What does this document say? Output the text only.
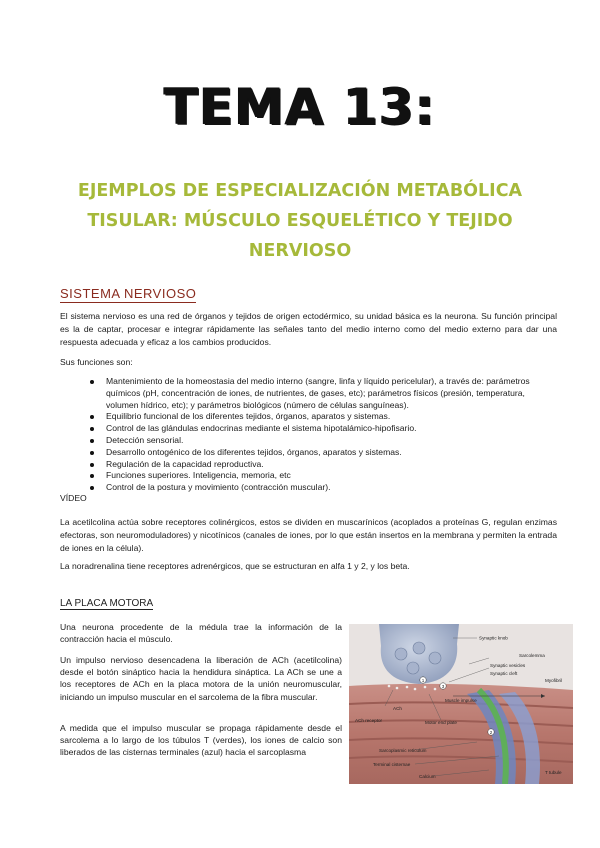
TEMA 13:
EJEMPLOS DE ESPECIALIZACIÓN METABÓLICA TISULAR: MÚSCULO ESQUELÉTICO Y TEJIDO NERVIOSO
SISTEMA NERVIOSO
El sistema nervioso es una red de órganos y tejidos de origen ectodérmico, su unidad básica es la neurona. Su función principal es la de captar, procesar e integrar rápidamente las señales tanto del medio interno como del medio externo para dar una respuesta adecuada y eficaz a los cambios producidos.
Sus funciones son:
Mantenimiento de la homeostasia del medio interno (sangre, linfa y líquido pericelular), a través de: parámetros químicos (pH, concentración de iones, de nutrientes, de gases, etc); parámetros físicos (presión, temperatura, volumen hídrico, etc); y parámetros biológicos (número de células sanguíneas).
Equilibrio funcional de los diferentes tejidos, órganos, aparatos y sistemas.
Control de las glándulas endocrinas mediante el sistema hipotalámico-hipofisario.
Detección sensorial.
Desarrollo ontogénico de los diferentes tejidos, órganos, aparatos y sistemas.
Regulación de la capacidad reproductiva.
Funciones superiores. Inteligencia, memoria, etc
Control de la postura y movimiento (contracción muscular).
VÍDEO
La acetilcolina actúa sobre receptores colinérgicos, estos se dividen en muscarínicos (acoplados a proteínas G, regulan enzimas efectoras, son neuromoduladores) y nicotínicos (canales de iones, por lo que están insertos en la membrana y permiten la entrada de iones en la célula).
La noradrenalina tiene receptores adrenérgicos, que se estructuran en alfa 1 y 2, y los beta.
LA PLACA MOTORA
Una neurona procedente de la médula trae la información de la contracción hacia el músculo.
Un impulso nervioso desencadena la liberación de ACh (acetilcolina) desde el botón sináptico hacia la hendidura sináptica. La ACh se une a los receptores de ACh en la placa motora de la unión neuromuscular, iniciando un impulso muscular en el sarcolema de la fibra muscular.
A medida que el impulso muscular se propaga rápidamente desde el sarcolema a lo largo de los túbulos T (verdes), los iones de calcio son liberados de las cisternas terminales (azul) hacia el sarcoplasma
1
2
3
Synaptic knob
Sarcolemma
Synaptic vesicles
Synaptic cleft
Myofibril
Muscle impulse
ACh
ACh receptor	Motor end plate
Sarcoplasmic reticulum
Terminal cisternae
Calcium
T tubule
